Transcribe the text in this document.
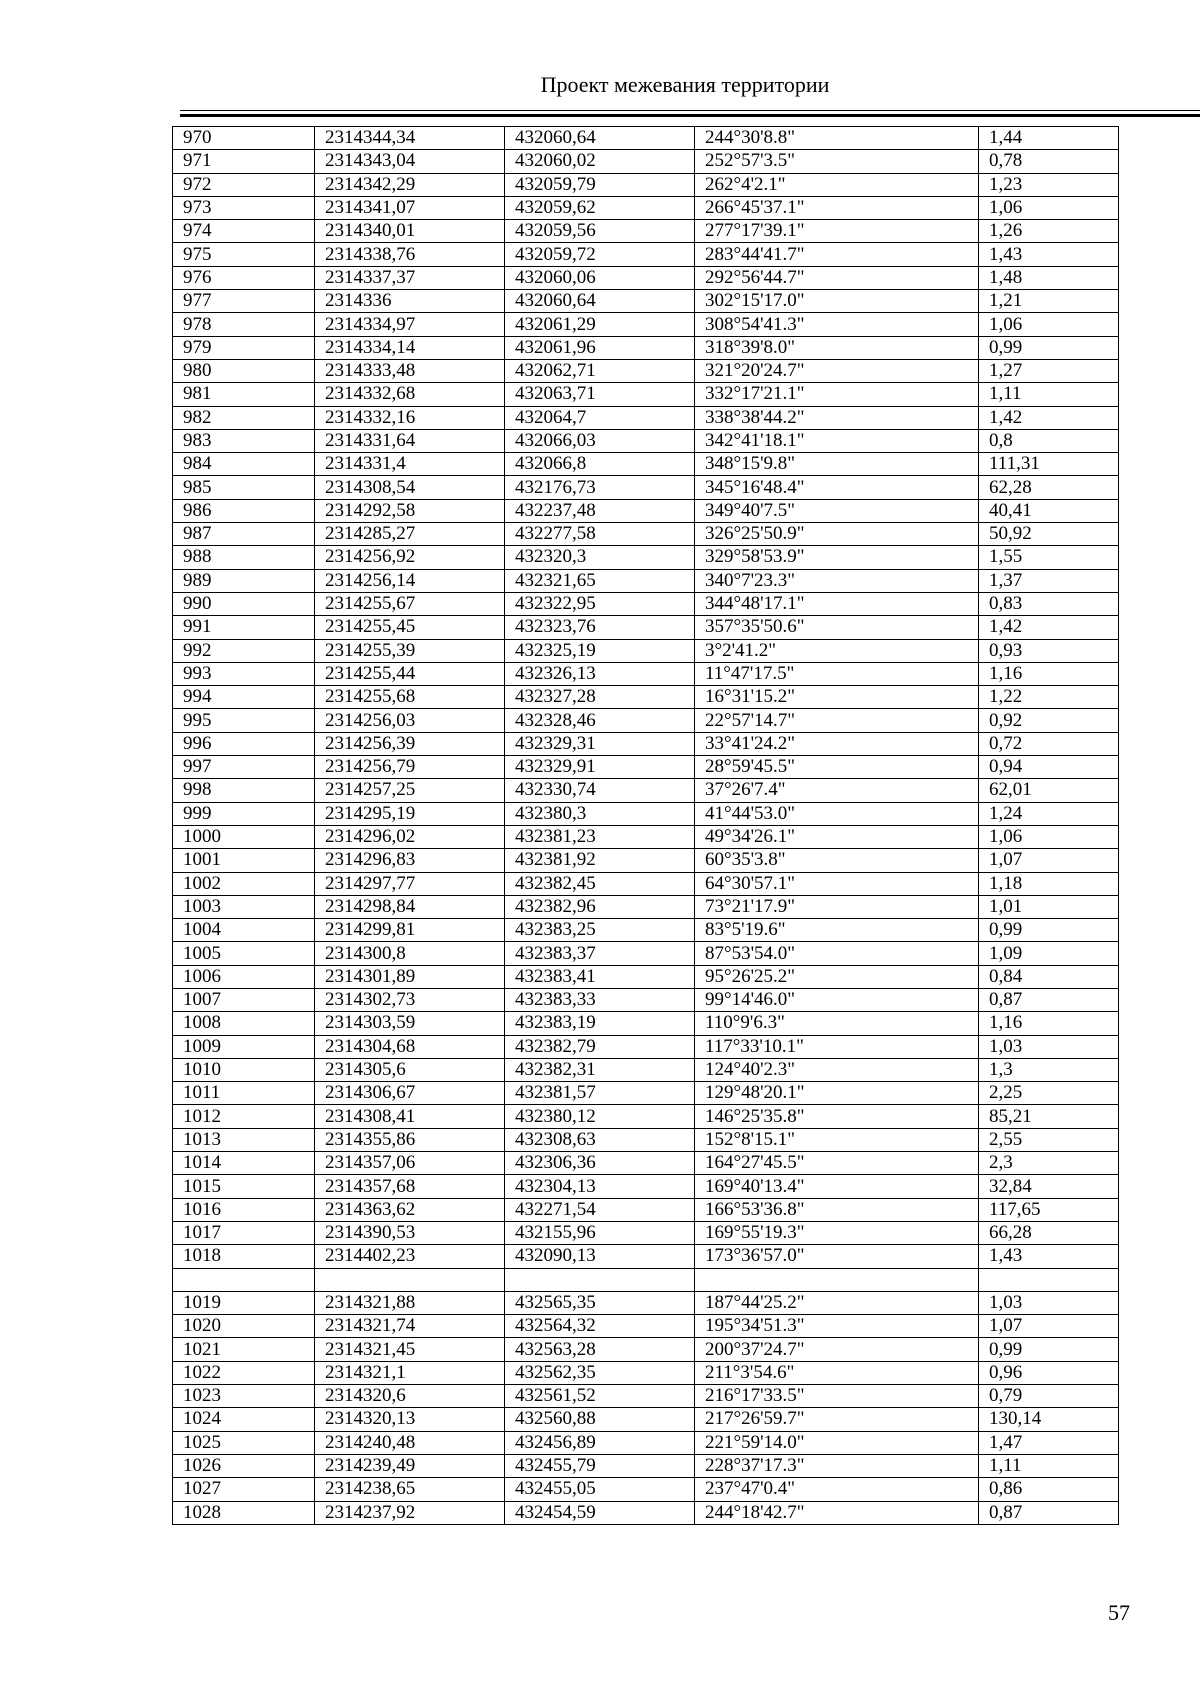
Проект межевания территории
970	2314344,34	432060,64	244°30'8.8"	1,44
971	2314343,04	432060,02	252°57'3.5"	0,78
972	2314342,29	432059,79	262°4'2.1"	1,23
973	2314341,07	432059,62	266°45'37.1"	1,06
974	2314340,01	432059,56	277°17'39.1"	1,26
975	2314338,76	432059,72	283°44'41.7"	1,43
976	2314337,37	432060,06	292°56'44.7"	1,48
977	2314336	432060,64	302°15'17.0"	1,21
978	2314334,97	432061,29	308°54'41.3"	1,06
979	2314334,14	432061,96	318°39'8.0"	0,99
980	2314333,48	432062,71	321°20'24.7"	1,27
981	2314332,68	432063,71	332°17'21.1"	1,11
982	2314332,16	432064,7	338°38'44.2"	1,42
983	2314331,64	432066,03	342°41'18.1"	0,8
984	2314331,4	432066,8	348°15'9.8"	111,31
985	2314308,54	432176,73	345°16'48.4"	62,28
986	2314292,58	432237,48	349°40'7.5"	40,41
987	2314285,27	432277,58	326°25'50.9"	50,92
988	2314256,92	432320,3	329°58'53.9"	1,55
989	2314256,14	432321,65	340°7'23.3"	1,37
990	2314255,67	432322,95	344°48'17.1"	0,83
991	2314255,45	432323,76	357°35'50.6"	1,42
992	2314255,39	432325,19	3°2'41.2"	0,93
993	2314255,44	432326,13	11°47'17.5"	1,16
994	2314255,68	432327,28	16°31'15.2"	1,22
995	2314256,03	432328,46	22°57'14.7"	0,92
996	2314256,39	432329,31	33°41'24.2"	0,72
997	2314256,79	432329,91	28°59'45.5"	0,94
998	2314257,25	432330,74	37°26'7.4"	62,01
999	2314295,19	432380,3	41°44'53.0"	1,24
1000	2314296,02	432381,23	49°34'26.1"	1,06
1001	2314296,83	432381,92	60°35'3.8"	1,07
1002	2314297,77	432382,45	64°30'57.1"	1,18
1003	2314298,84	432382,96	73°21'17.9"	1,01
1004	2314299,81	432383,25	83°5'19.6"	0,99
1005	2314300,8	432383,37	87°53'54.0"	1,09
1006	2314301,89	432383,41	95°26'25.2"	0,84
1007	2314302,73	432383,33	99°14'46.0"	0,87
1008	2314303,59	432383,19	110°9'6.3"	1,16
1009	2314304,68	432382,79	117°33'10.1"	1,03
1010	2314305,6	432382,31	124°40'2.3"	1,3
1011	2314306,67	432381,57	129°48'20.1"	2,25
1012	2314308,41	432380,12	146°25'35.8"	85,21
1013	2314355,86	432308,63	152°8'15.1"	2,55
1014	2314357,06	432306,36	164°27'45.5"	2,3
1015	2314357,68	432304,13	169°40'13.4"	32,84
1016	2314363,62	432271,54	166°53'36.8"	117,65
1017	2314390,53	432155,96	169°55'19.3"	66,28
1018	2314402,23	432090,13	173°36'57.0"	1,43

1019	2314321,88	432565,35	187°44'25.2"	1,03
1020	2314321,74	432564,32	195°34'51.3"	1,07
1021	2314321,45	432563,28	200°37'24.7"	0,99
1022	2314321,1	432562,35	211°3'54.6"	0,96
1023	2314320,6	432561,52	216°17'33.5"	0,79
1024	2314320,13	432560,88	217°26'59.7"	130,14
1025	2314240,48	432456,89	221°59'14.0"	1,47
1026	2314239,49	432455,79	228°37'17.3"	1,11
1027	2314238,65	432455,05	237°47'0.4"	0,86
1028	2314237,92	432454,59	244°18'42.7"	0,87
57
